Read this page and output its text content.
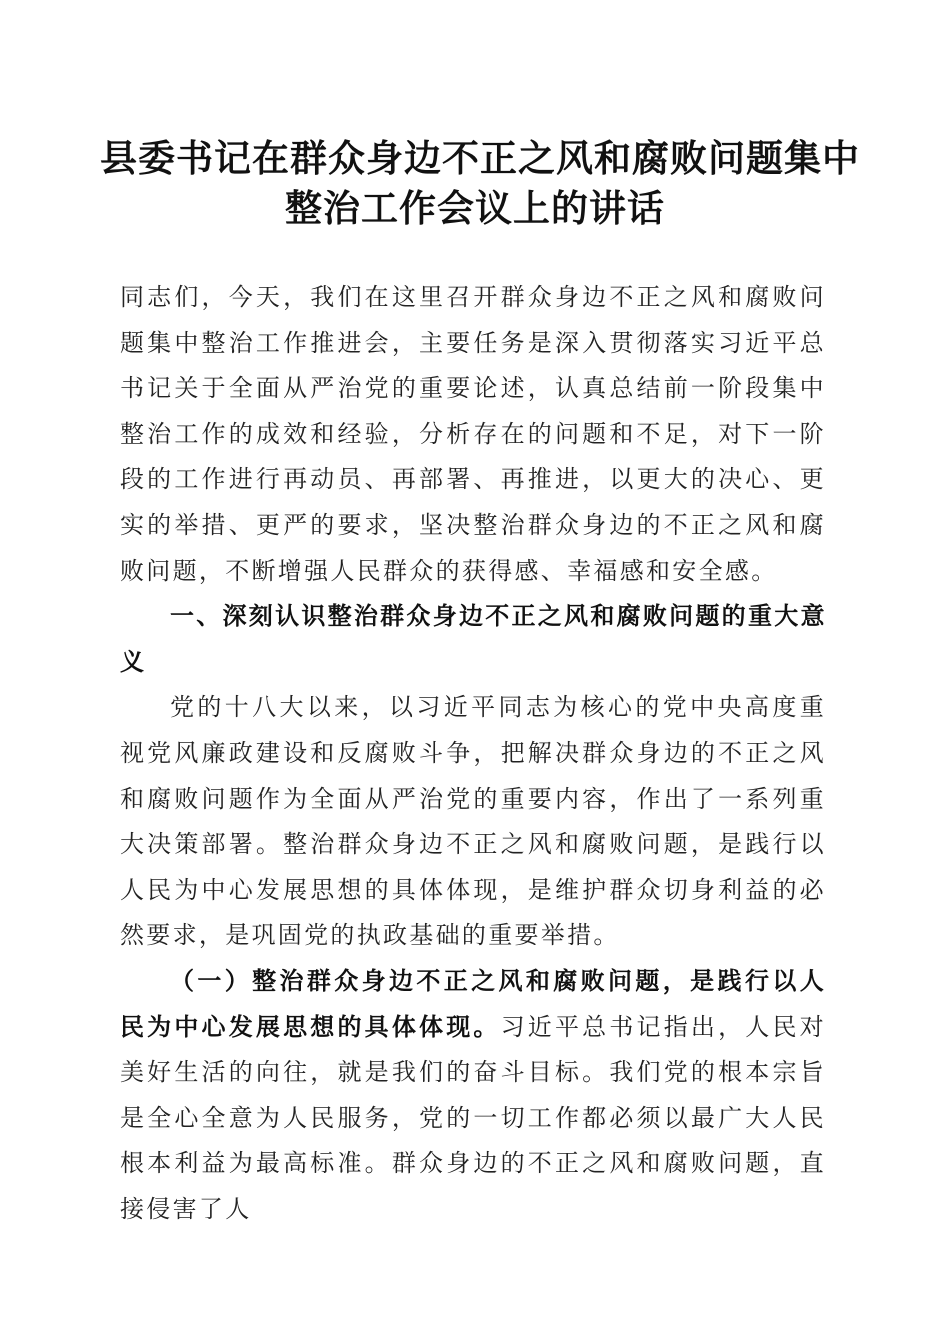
县委书记在群众身边不正之风和腐败问题集中
整治工作会议上的讲话

同志们，今天，我们在这里召开群众身边不正之风和腐败问题集中整治工作推进会，主要任务是深入贯彻落实习近平总书记关于全面从严治党的重要论述，认真总结前一阶段集中整治工作的成效和经验，分析存在的问题和不足，对下一阶段的工作进行再动员、再部署、再推进，以更大的决心、更实的举措、更严的要求，坚决整治群众身边的不正之风和腐败问题，不断增强人民群众的获得感、幸福感和安全感。

一、深刻认识整治群众身边不正之风和腐败问题的重大意义

党的十八大以来，以习近平同志为核心的党中央高度重视党风廉政建设和反腐败斗争，把解决群众身边的不正之风和腐败问题作为全面从严治党的重要内容，作出了一系列重大决策部署。整治群众身边不正之风和腐败问题，是践行以人民为中心发展思想的具体体现，是维护群众切身利益的必然要求，是巩固党的执政基础的重要举措。

（一）整治群众身边不正之风和腐败问题，是践行以人民为中心发展思想的具体体现。习近平总书记指出，人民对美好生活的向往，就是我们的奋斗目标。我们党的根本宗旨是全心全意为人民服务，党的一切工作都必须以最广大人民根本利益为最高标准。群众身边的不正之风和腐败问题，直接侵害了人
